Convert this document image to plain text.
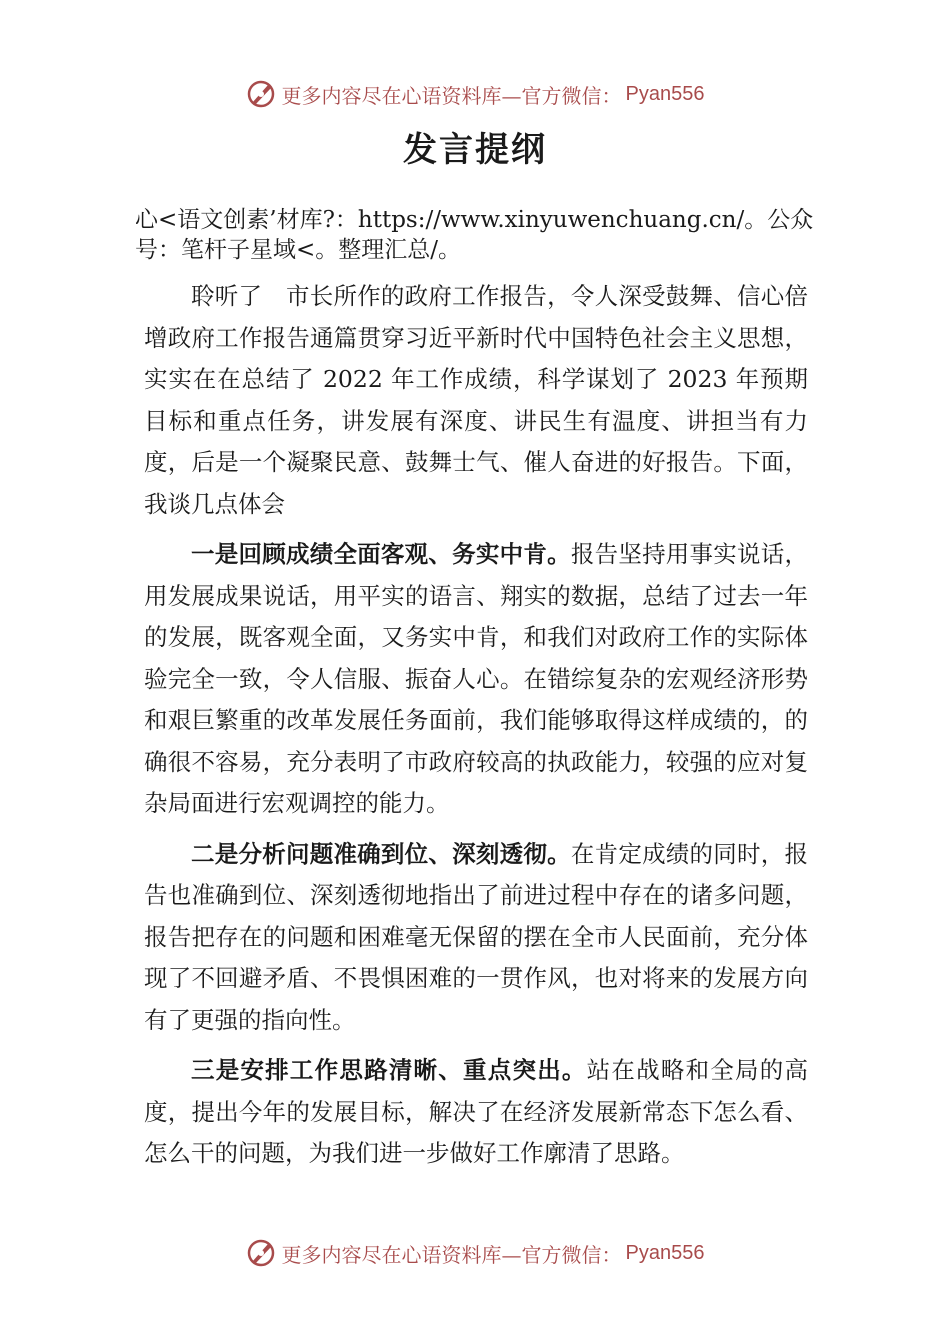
更多内容尽在心语资料库—官方微信： Pyan556
发言提纲

心<语文创素’材库?：https://www.xinyuwenchuang.cn/。公众号：笔杆子星域<。整理汇总/。

聆听了　市长所作的政府工作报告，令人深受鼓舞、信心倍增政府工作报告通篇贯穿习近平新时代中国特色社会主义思想，实实在在总结了 2022 年工作成绩，科学谋划了 2023 年预期目标和重点任务，讲发展有深度、讲民生有温度、讲担当有力度，后是一个凝聚民意、鼓舞士气、催人奋进的好报告。下面，我谈几点体会

一是回顾成绩全面客观、务实中肯。报告坚持用事实说话，用发展成果说话，用平实的语言、翔实的数据，总结了过去一年的发展，既客观全面，又务实中肯，和我们对政府工作的实际体验完全一致，令人信服、振奋人心。在错综复杂的宏观经济形势和艰巨繁重的改革发展任务面前，我们能够取得这样成绩的，的确很不容易，充分表明了市政府较高的执政能力，较强的应对复杂局面进行宏观调控的能力。

二是分析问题准确到位、深刻透彻。在肯定成绩的同时，报告也准确到位、深刻透彻地指出了前进过程中存在的诸多问题，报告把存在的问题和困难毫无保留的摆在全市人民面前，充分体现了不回避矛盾、不畏惧困难的一贯作风，也对将来的发展方向有了更强的指向性。

三是安排工作思路清晰、重点突出。站在战略和全局的高度，提出今年的发展目标，解决了在经济发展新常态下怎么看、怎么干的问题，为我们进一步做好工作廓清了思路。

更多内容尽在心语资料库—官方微信： Pyan556
